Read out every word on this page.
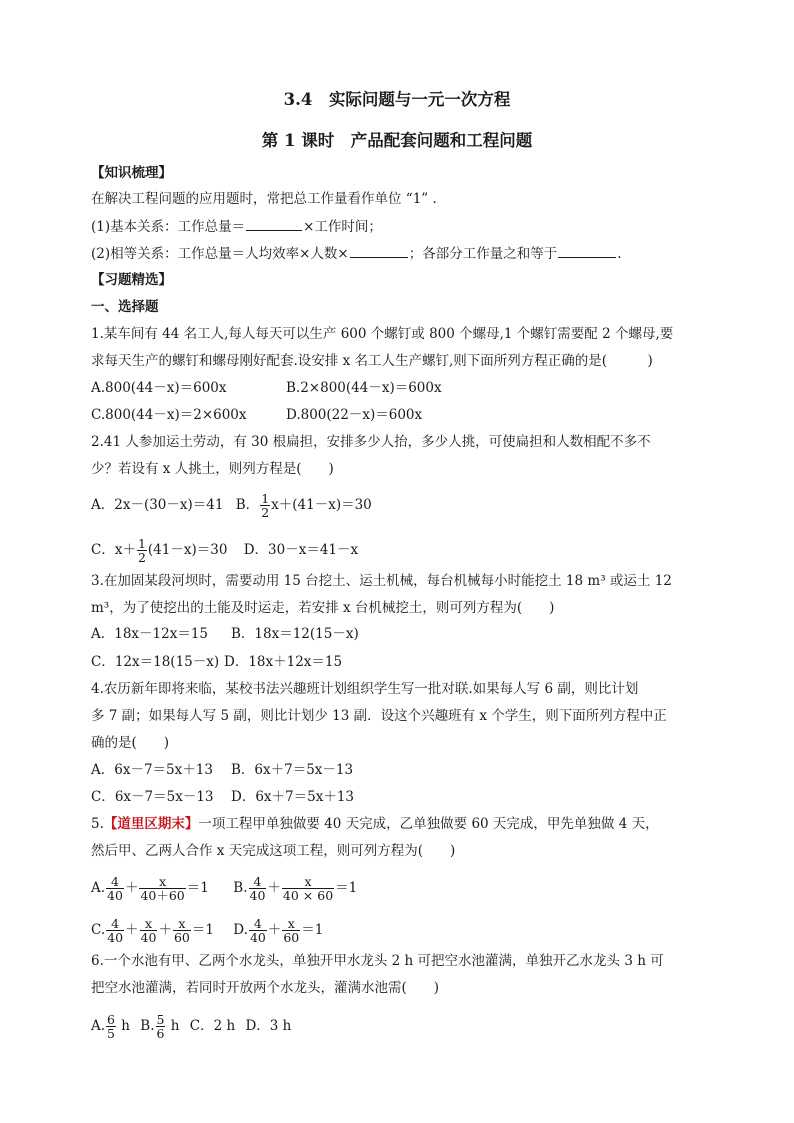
3.4　实际问题与一元一次方程
第 1 课时　产品配套问题和工程问题
【知识梳理】
在解决工程问题的应用题时，常把总工作量看作单位 “1” .
(1)基本关系：工作总量＝	×工作时间；
(2)相等关系：工作总量＝人均效率×人数×	；各部分工作量之和等于	.
【习题精选】
一、选择题
1.某车间有 44 名工人,每人每天可以生产 600 个螺钉或 800 个螺母,1 个螺钉需要配 2 个螺母,要
求每天生产的螺钉和螺母刚好配套.设安排 x 名工人生产螺钉,则下面所列方程正确的是(　　　)
A.800(44－x)＝600x	B.2×800(44－x)＝600x
C.800(44－x)＝2×600x	D.800(22－x)＝600x
2.41 人参加运土劳动，有 30 根扁担，安排多少人抬，多少人挑，可使扁担和人数相配不多不
少？若设有 x 人挑土，则列方程是(　　)
A．2x－(30－x)＝41 B． $\frac{1}{2} x+(41-x)=30$
C．$x+ \frac{1}{2} (41-x)=30$ D．30－x＝41－x
3.在加固某段河坝时，需要动用 15 台挖土、运土机械，每台机械每小时能挖土 18 m³ 或运土 12
m³，为了使挖出的土能及时运走，若安排 x 台机械挖土，则可列方程为(　　)
A．18x－12x＝15 B．18x＝12(15－x)
C．12x＝18(15－x) D．18x＋12x＝15
4.农历新年即将来临，某校书法兴趣班计划组织学生写一批对联.如果每人写 6 副，则比计划
多 7 副；如果每人写 5 副，则比计划少 13 副．设这个兴趣班有 x 个学生，则下面所列方程中正
确的是(　　)
A．6x－7＝5x＋13 B．6x＋7＝5x－13
C．6x－7＝5x－13 D．6x＋7＝5x＋13
5.【道里区期末】一项工程甲单独做要 40 天完成，乙单独做要 60 天完成，甲先单独做 4 天，
然后甲、乙两人合作 x 天完成这项工程，则可列方程为(　　)
A. $\frac{4}{40} + \frac{x}{40+60} =1$ B. $\frac{4}{40} + \frac{x}{40 \times 60} =1$
C. $\frac{4}{40} + \frac{x}{40} + \frac{x}{60} =1$ D. $\frac{4}{40} + \frac{x}{60} =1$
6.一个水池有甲、乙两个水龙头，单独开甲水龙头 2 h 可把空水池灌满，单独开乙水龙头 3 h 可
把空水池灌满，若同时开放两个水龙头，灌满水池需(　　)
A. $\frac{6}{5}$ h B. $\frac{5}{6}$ h C．2 h D．3 h
